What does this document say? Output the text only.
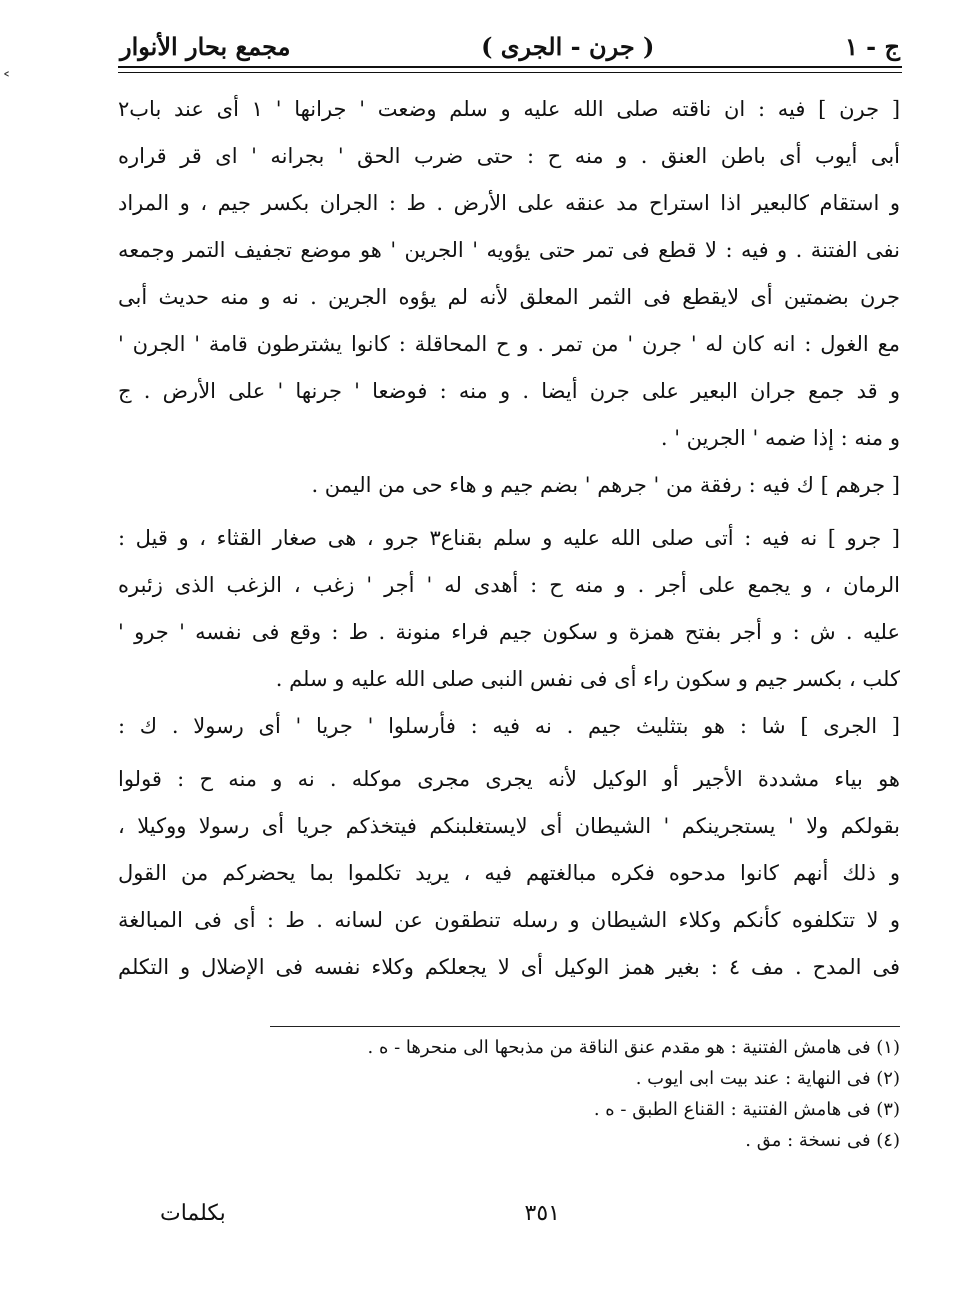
مجمع بحار الأنوار	( جرن - الجرى )	ج - ١
˂
[ جرن ] فيه : ان ناقته صلى الله عليه و سلم وضعت ' جرانها ' ١ أى عند باب٢
أبى أيوب أى باطن العنق . و منه ح : حتى ضرب الحق ' بجرانه ' اى قر قراره
و استقام كالبعير اذا استراح مد عنقه على الأرض . ط : الجران بكسر جيم ، و المراد
نفى الفتنة . و فيه : لا قطع فى تمر حتى يؤويه ' الجرين ' هو موضع تجفيف التمر وجمعه
جرن بضمتين أى لايقطع فى الثمر المعلق لأنه لم يؤوه الجرين . نه و منه حديث أبى
مع الغول : انه كان له ' جرن ' من تمر . و ح المحاقلة : كانوا يشترطون قامة ' الجرن '
و قد جمع جران البعير على جرن أيضا . و منه : فوضعا ' جرنها ' على الأرض . ج
و منه : إذا ضمه ' الجرين ' .
[ جرهم ] ك فيه : رفقة من ' جرهم ' بضم جيم و هاء حى من اليمن .
[ جرو ] نه فيه : أتى صلى الله عليه و سلم بقناع٣ جرو ، هى صغار القثاء ، و قيل :
الرمان ، و يجمع على أجر . و منه ح : أهدى له ' أجر ' زغب ، الزغب الذى زئبره
عليه . ش : و أجر بفتح همزة و سكون جيم فراء منونة . ط : وقع فى نفسه ' جرو '
كلب ، بكسر جيم و سكون راء أى فى نفس النبى صلى الله عليه و سلم .
[ الجرى ] شا : هو بتثليث جيم . نه فيه : فأرسلوا ' جريا ' أى رسولا . ك :
هو بياء مشددة الأجير أو الوكيل لأنه يجرى مجرى موكله . نه و منه ح : قولوا
بقولكم ولا ' يستجرينكم ' الشيطان أى لايستغلبنكم فيتخذكم جريا أى رسولا ووكيلا ،
و ذلك أنهم كانوا مدحوه فكره مبالغتهم فيه ، يريد تكلموا بما يحضركم من القول
و لا تتكلفوه كأنكم وكلاء الشيطان و رسله تنطقون عن لسانه . ط : أى فى المبالغة
فى المدح . مف ٤ : بغير همز الوكيل أى لا يجعلكم وكلاء نفسه فى الإضلال و التكلم
(١) فى هامش الفتنية : هو مقدم عنق الناقة من مذبحها الى منحرها - ه .
(٢) فى النهاية : عند بيت ابى ايوب .
(٣) فى هامش الفتنية : القناع الطبق - ه .
(٤) فى نسخة : مق .
٣٥١
بكلمات
